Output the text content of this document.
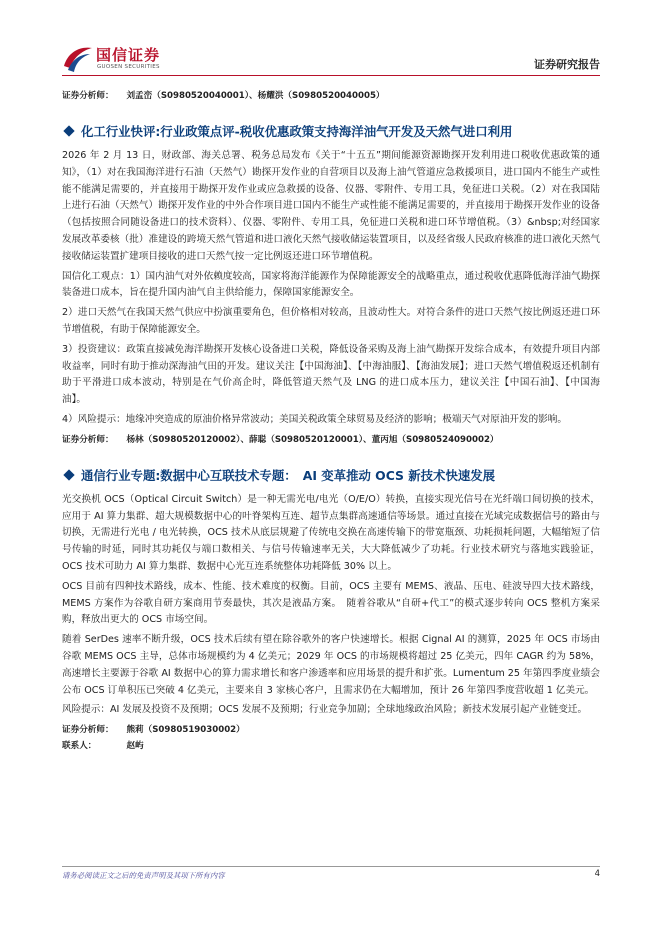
国信证券
GUOSEN SECURITIES	证券研究报告
证券分析师：　　刘孟峦（S0980520040001）、杨耀洪（S0980520040005）
化工行业快评:行业政策点评-税收优惠政策支持海洋油气开发及天然气进口利用

2026 年 2 月 13 日，财政部、海关总署、税务总局发布《关于“十五五”期间能源资源勘探开发利用进口税收优惠政策的通知》，（1）对在我国海洋进行石油（天然气）勘探开发作业的自营项目以及海上油气管道应急救援项目，进口国内不能生产或性能不能满足需要的，并直接用于勘探开发作业或应急救援的设备、仪器、零附件、专用工具，免征进口关税。（2）对在我国陆上进行石油（天然气）勘探开发作业的中外合作项目进口国内不能生产或性能不能满足需要的，并直接用于勘探开发作业的设备（包括按照合同随设备进口的技术资料）、仪器、零附件、专用工具，免征进口关税和进口环节增值税。（3）&nbsp;对经国家发展改革委核（批）准建设的跨境天然气管道和进口液化天然气接收储运装置项目，以及经省级人民政府核准的进口液化天然气接收储运装置扩建项目接收的进口天然气按一定比例返还进口环节增值税。

国信化工观点：1）国内油气对外依赖度较高，国家将海洋能源作为保障能源安全的战略重点，通过税收优惠降低海洋油气勘探装备进口成本，旨在提升国内油气自主供给能力，保障国家能源安全。

2）进口天然气在我国天然气供应中扮演重要角色，但价格相对较高，且波动性大。对符合条件的进口天然气按比例返还进口环节增值税，有助于保障能源安全。

3）投资建议：政策直接减免海洋勘探开发核心设备进口关税，降低设备采购及海上油气勘探开发综合成本，有效提升项目内部收益率，同时有助于推动深海油气田的开发。建议关注【中国海油】、【中海油服】、【海油发展】；进口天然气增值税返还机制有助于平滑进口成本波动，特别是在气价高企时，降低管道天然气及 LNG 的进口成本压力，建议关注【中国石油】、【中国海油】。

4）风险提示：地缘冲突造成的原油价格异常波动；美国关税政策全球贸易及经济的影响；极端天气对原油开发的影响。

证券分析师：　　杨林（S0980520120002）、薛聪（S0980520120001）、董丙旭（S0980524090002）
通信行业专题:数据中心互联技术专题：　AI 变革推动 OCS 新技术快速发展

光交换机 OCS（Optical Circuit Switch）是一种无需光电/电光（O/E/O）转换，直接实现光信号在光纤端口间切换的技术，应用于 AI 算力集群、超大规模数据中心的叶脊架构互连、超节点集群高速通信等场景。通过直接在光域完成数据信号的路由与切换，无需进行光电 / 电光转换，OCS 技术从底层规避了传统电交换在高速传输下的带宽瓶颈、功耗损耗问题，大幅缩短了信号传输的时延，同时其功耗仅与端口数相关、与信号传输速率无关，大大降低减少了功耗。行业技术研究与落地实践验证，OCS 技术可助力 AI 算力集群、数据中心光互连系统整体功耗降低 30% 以上。

OCS 目前有四种技术路线，成本、性能、技术难度的权衡。目前，OCS 主要有 MEMS、液晶、压电、硅波导四大技术路线，MEMS 方案作为谷歌自研方案商用节奏最快，其次是液晶方案。　随着谷歌从“自研+代工”的模式逐步转向 OCS 整机方案采购，释放出更大的 OCS 市场空间。

随着 SerDes 速率不断升级，OCS 技术后续有望在除谷歌外的客户快速增长。根据 Cignal AI 的测算，2025 年 OCS 市场由谷歌 MEMS OCS 主导，总体市场规模约为 4 亿美元；2029 年 OCS 的市场规模将超过 25 亿美元，四年 CAGR 约为 58%，高速增长主要源于谷歌 AI 数据中心的算力需求增长和客户渗透率和应用场景的提升和扩张。Lumentum 25 年第四季度业绩会公布 OCS 订单积压已突破 4 亿美元，主要来自 3 家核心客户，且需求仍在大幅增加，预计 26 年第四季度营收超 1 亿美元。

风险提示：AI 发展及投资不及预期；OCS 发展不及预期；行业竞争加剧；全球地缘政治风险；新技术发展引起产业链变迁。

证券分析师：　　熊莉（S0980519030002）
联系人：　　　　赵屿
请务必阅读正文之后的免责声明及其项下所有内容	4
